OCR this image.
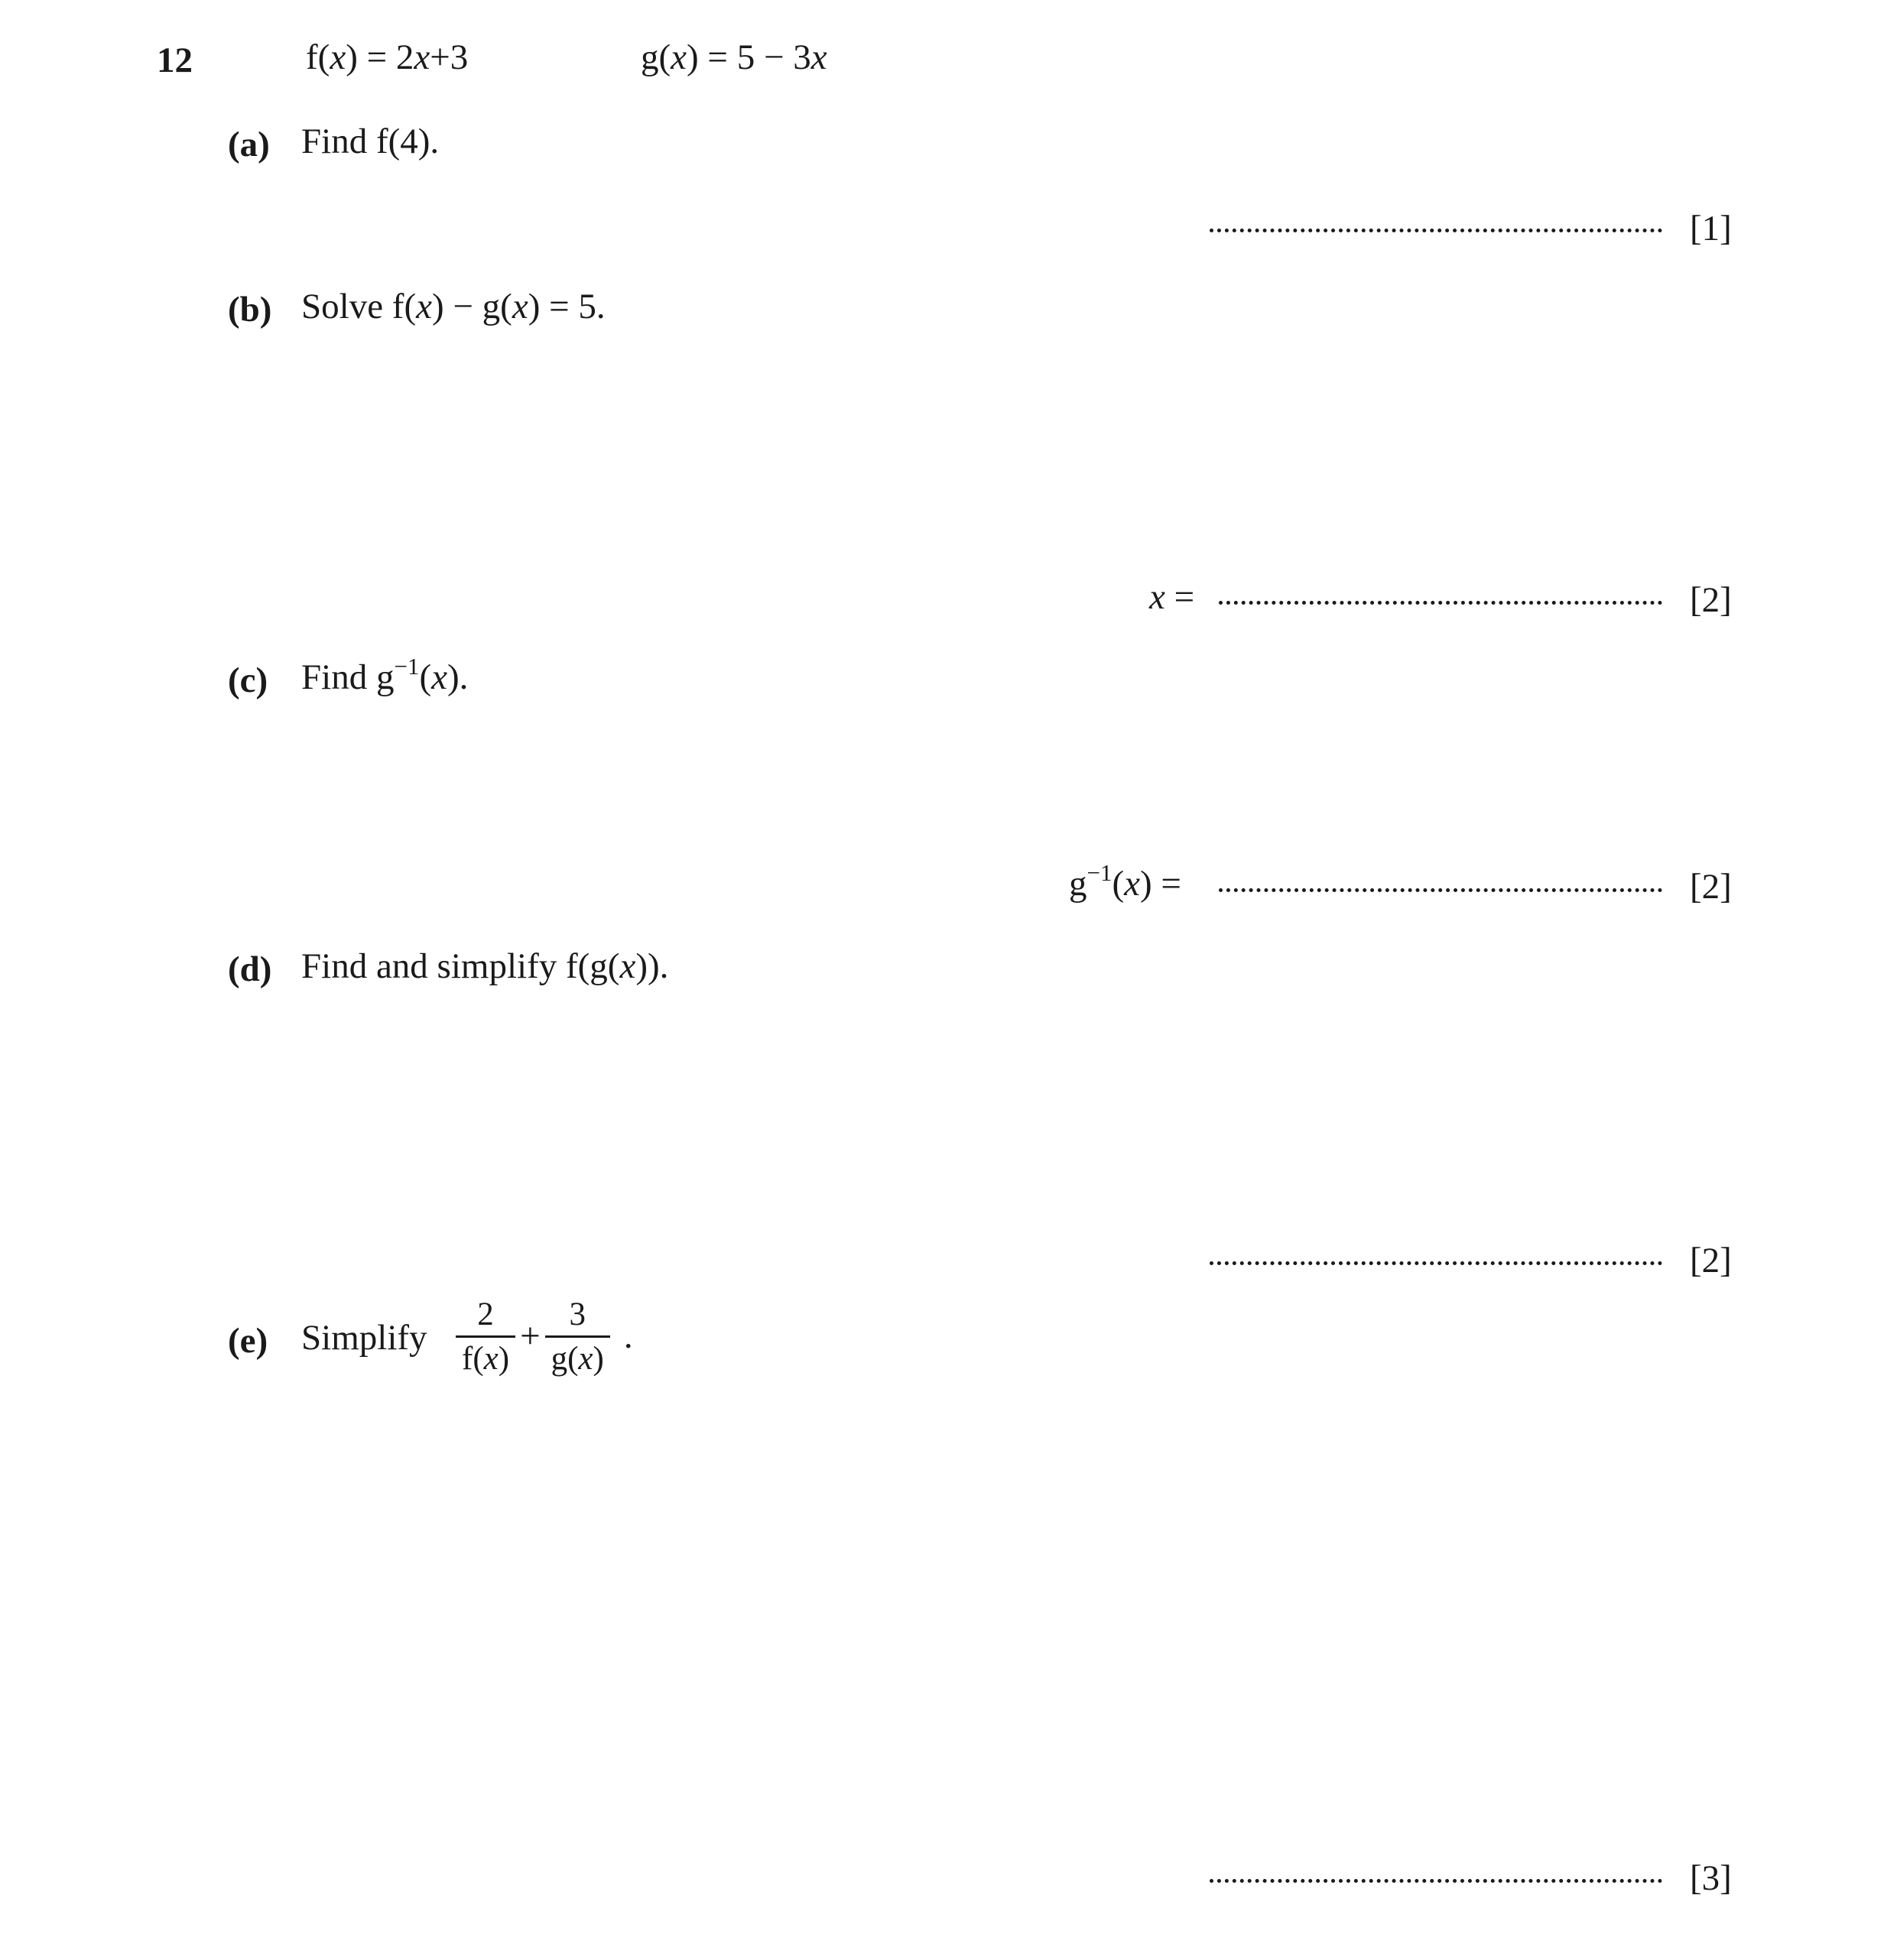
12	f(x) = 2x+3	g(x) = 5 − 3x
(a) Find f(4).
[1]
(b) Solve f(x) − g(x) = 5.
x =	[2]
(c) Find $g^{-1}(x)$.
$g^{-1}(x)$ =	[2]
(d) Find and simplify f(g(x)).
[2]
(e) Simplify $\frac{2}{f(x)} + \frac{3}{g(x)}$ .
[3]
